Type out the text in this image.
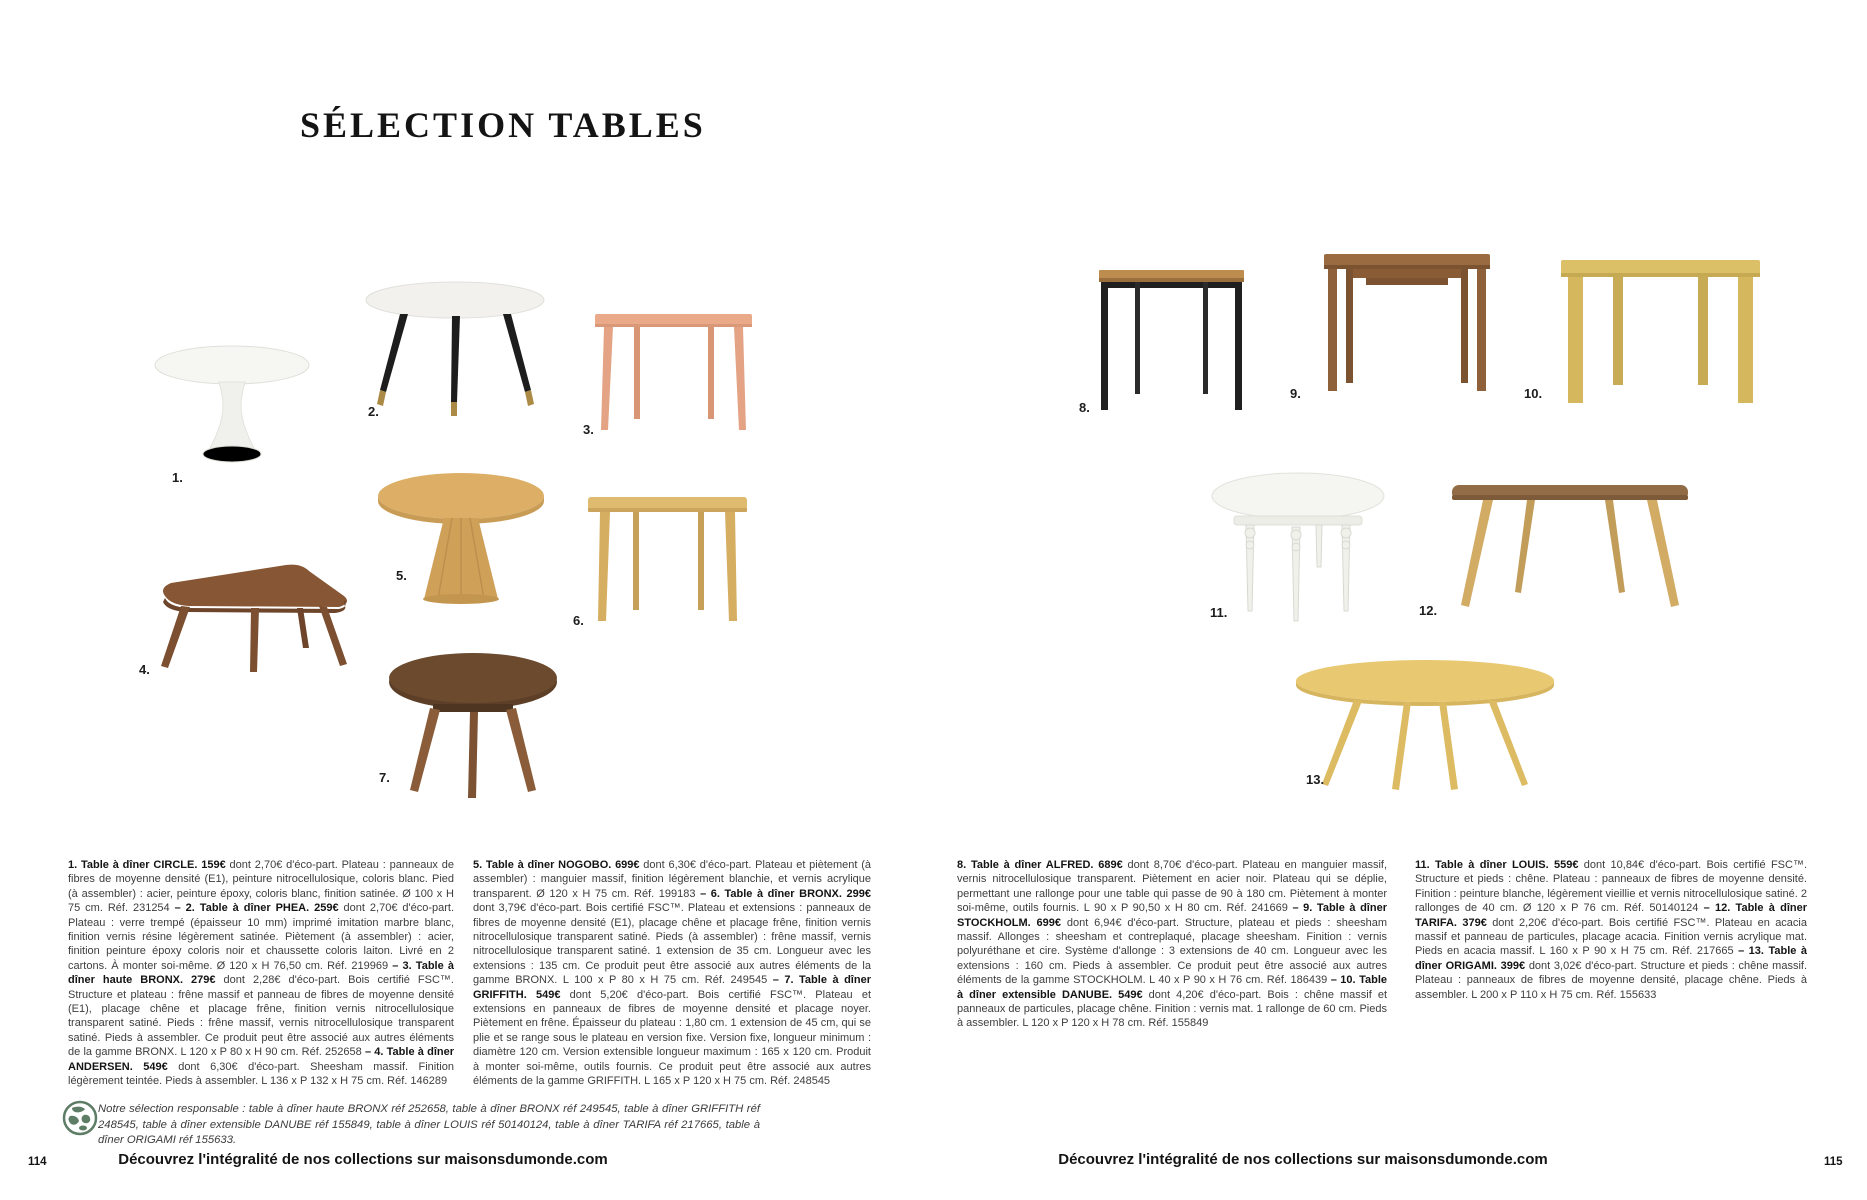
SÉLECTION TABLES
1.
2.
3.
4.
5.
6.
7.
8.
9.	10.
11.	12.
13.

1. Table à dîner CIRCLE. 159€ dont 2,70€ d'éco-part. Plateau : panneaux de fibres de moyenne densité (E1), peinture nitrocellulosique, coloris blanc. Pied (à assembler) : acier, peinture époxy, coloris blanc, finition satinée. Ø 100 x H 75 cm. Réf. 231254 – 2. Table à dîner PHEA. 259€ dont 2,70€ d'éco-part. Plateau : verre trempé (épaisseur 10 mm) imprimé imitation marbre blanc, finition vernis résine légèrement satinée. Piètement (à assembler) : acier, finition peinture époxy coloris noir et chaussette coloris laiton. Livré en 2 cartons. À monter soi-même. Ø 120 x H 76,50 cm. Réf. 219969 – 3. Table à dîner haute BRONX. 279€ dont 2,28€ d'éco-part. Bois certifié FSC™. Structure et plateau : frêne massif et panneau de fibres de moyenne densité (E1), placage chêne et placage frêne, finition vernis nitrocellulosique transparent satiné. Pieds : frêne massif, vernis nitrocellulosique transparent satiné. Pieds à assembler. Ce produit peut être associé aux autres éléments de la gamme BRONX. L 120 x P 80 x H 90 cm. Réf. 252658 – 4. Table à dîner ANDERSEN. 549€ dont 6,30€ d'éco-part. Sheesham massif. Finition légèrement teintée. Pieds à assembler. L 136 x P 132 x H 75 cm. Réf. 146289

5. Table à dîner NOGOBO. 699€ dont 6,30€ d'éco-part. Plateau et piètement (à assembler) : manguier massif, finition légèrement blanchie, et vernis acrylique transparent. Ø 120 x H 75 cm. Réf. 199183 – 6. Table à dîner BRONX. 299€ dont 3,79€ d'éco-part. Bois certifié FSC™. Plateau et extensions : panneaux de fibres de moyenne densité (E1), placage chêne et placage frêne, finition vernis nitrocellulosique transparent satiné. Pieds (à assembler) : frêne massif, vernis nitrocellulosique transparent satiné. 1 extension de 35 cm. Longueur avec les extensions : 135 cm. Ce produit peut être associé aux autres éléments de la gamme BRONX. L 100 x P 80 x H 75 cm. Réf. 249545 – 7. Table à dîner GRIFFITH. 549€ dont 5,20€ d'éco-part. Bois certifié FSC™. Plateau et extensions en panneaux de fibres de moyenne densité et placage noyer. Piètement en frêne. Épaisseur du plateau : 1,80 cm. 1 extension de 45 cm, qui se plie et se range sous le plateau en version fixe. Version fixe, longueur minimum : diamètre 120 cm. Version extensible longueur maximum : 165 x 120 cm. Produit à monter soi-même, outils fournis. Ce produit peut être associé aux autres éléments de la gamme GRIFFITH. L 165 x P 120 x H 75 cm. Réf. 248545

8. Table à dîner ALFRED. 689€ dont 8,70€ d'éco-part. Plateau en manguier massif, vernis nitrocellulosique transparent. Piètement en acier noir. Plateau qui se déplie, permettant une rallonge pour une table qui passe de 90 à 180 cm. Piètement à monter soi-même, outils fournis. L 90 x P 90,50 x H 80 cm. Réf. 241669 – 9. Table à dîner STOCKHOLM. 699€ dont 6,94€ d'éco-part. Structure, plateau et pieds : sheesham massif. Allonges : sheesham et contreplaqué, placage sheesham. Finition : vernis polyuréthane et cire. Système d'allonge : 3 extensions de 40 cm. Longueur avec les extensions : 160 cm. Pieds à assembler. Ce produit peut être associé aux autres éléments de la gamme STOCKHOLM. L 40 x P 90 x H 76 cm. Réf. 186439 – 10. Table à dîner extensible DANUBE. 549€ dont 4,20€ d'éco-part. Bois : chêne massif et panneaux de particules, placage chêne. Finition : vernis mat. 1 rallonge de 60 cm. Pieds à assembler. L 120 x P 120 x H 78 cm. Réf. 155849

11. Table à dîner LOUIS. 559€ dont 10,84€ d'éco-part. Bois certifié FSC™. Structure et pieds : chêne. Plateau : panneaux de fibres de moyenne densité. Finition : peinture blanche, légèrement vieillie et vernis nitrocellulosique satiné. 2 rallonges de 40 cm. Ø 120 x P 76 cm. Réf. 50140124 – 12. Table à dîner TARIFA. 379€ dont 2,20€ d'éco-part. Bois certifié FSC™. Plateau en acacia massif et panneau de particules, placage acacia. Finition vernis acrylique mat. Pieds en acacia massif. L 160 x P 90 x H 75 cm. Réf. 217665 – 13. Table à dîner ORIGAMI. 399€ dont 3,02€ d'éco-part. Structure et pieds : chêne massif. Plateau : panneaux de fibres de moyenne densité, placage chêne. Pieds à assembler. L 200 x P 110 x H 75 cm. Réf. 155633

Notre sélection responsable : table à dîner haute BRONX réf 252658, table à dîner BRONX réf 249545, table à dîner GRIFFITH réf 248545, table à dîner extensible DANUBE réf 155849, table à dîner LOUIS réf 50140124, table à dîner TARIFA réf 217665, table à dîner ORIGAMI réf 155633.

Découvrez l'intégralité de nos collections sur maisonsdumonde.com	Découvrez l'intégralité de nos collections sur maisonsdumonde.com
114	115
